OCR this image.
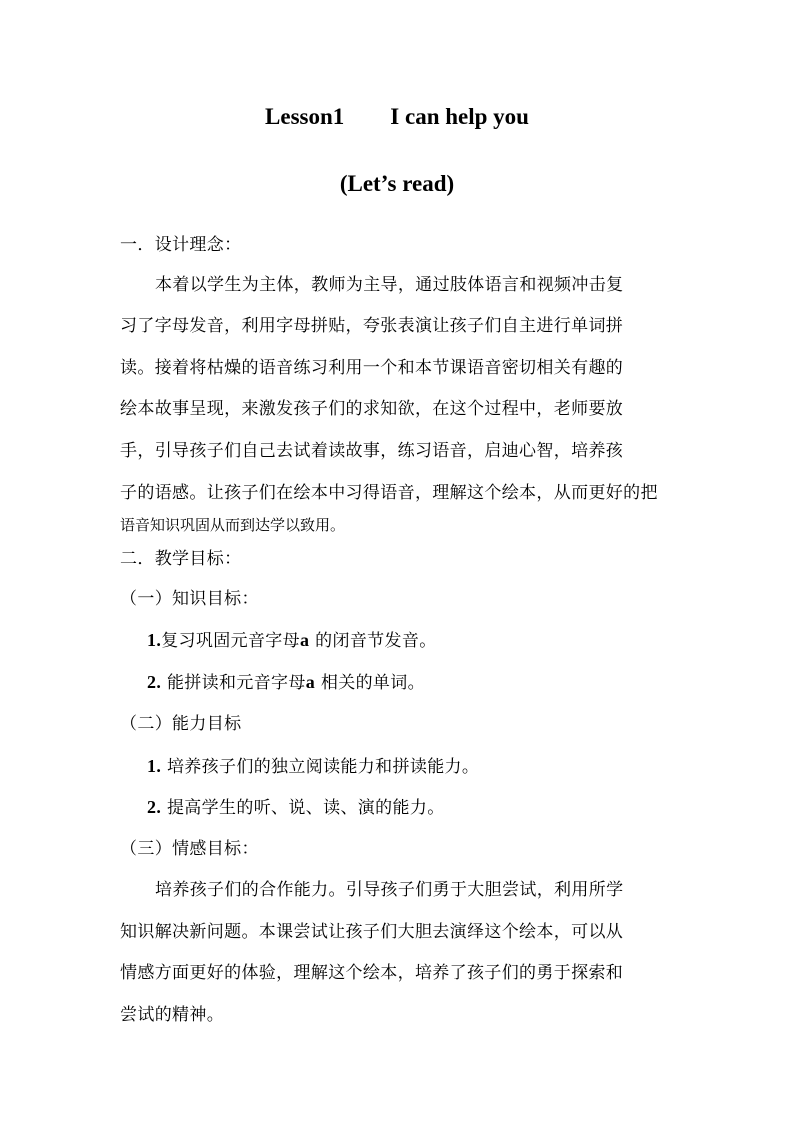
Lesson1 I can help you
(Let’s read)
一．设计理念：
本着以学生为主体，教师为主导，通过肢体语言和视频冲击复
习了字母发音，利用字母拼贴，夸张表演让孩子们自主进行单词拼
读。接着将枯燥的语音练习利用一个和本节课语音密切相关有趣的
绘本故事呈现，来激发孩子们的求知欲，在这个过程中，老师要放
手，引导孩子们自己去试着读故事，练习语音，启迪心智，培养孩
子的语感。让孩子们在绘本中习得语音，理解这个绘本，从而更好的把
语音知识巩固从而到达学以致用。
二．教学目标：
（一）知识目标：
1.复习巩固元音字母a 的闭音节发音。
2. 能拼读和元音字母a 相关的单词。
（二）能力目标
1. 培养孩子们的独立阅读能力和拼读能力。
2. 提高学生的听、说、读、演的能力。
（三）情感目标：
培养孩子们的合作能力。引导孩子们勇于大胆尝试，利用所学
知识解决新问题。本课尝试让孩子们大胆去演绎这个绘本，可以从
情感方面更好的体验，理解这个绘本，培养了孩子们的勇于探索和
尝试的精神。
